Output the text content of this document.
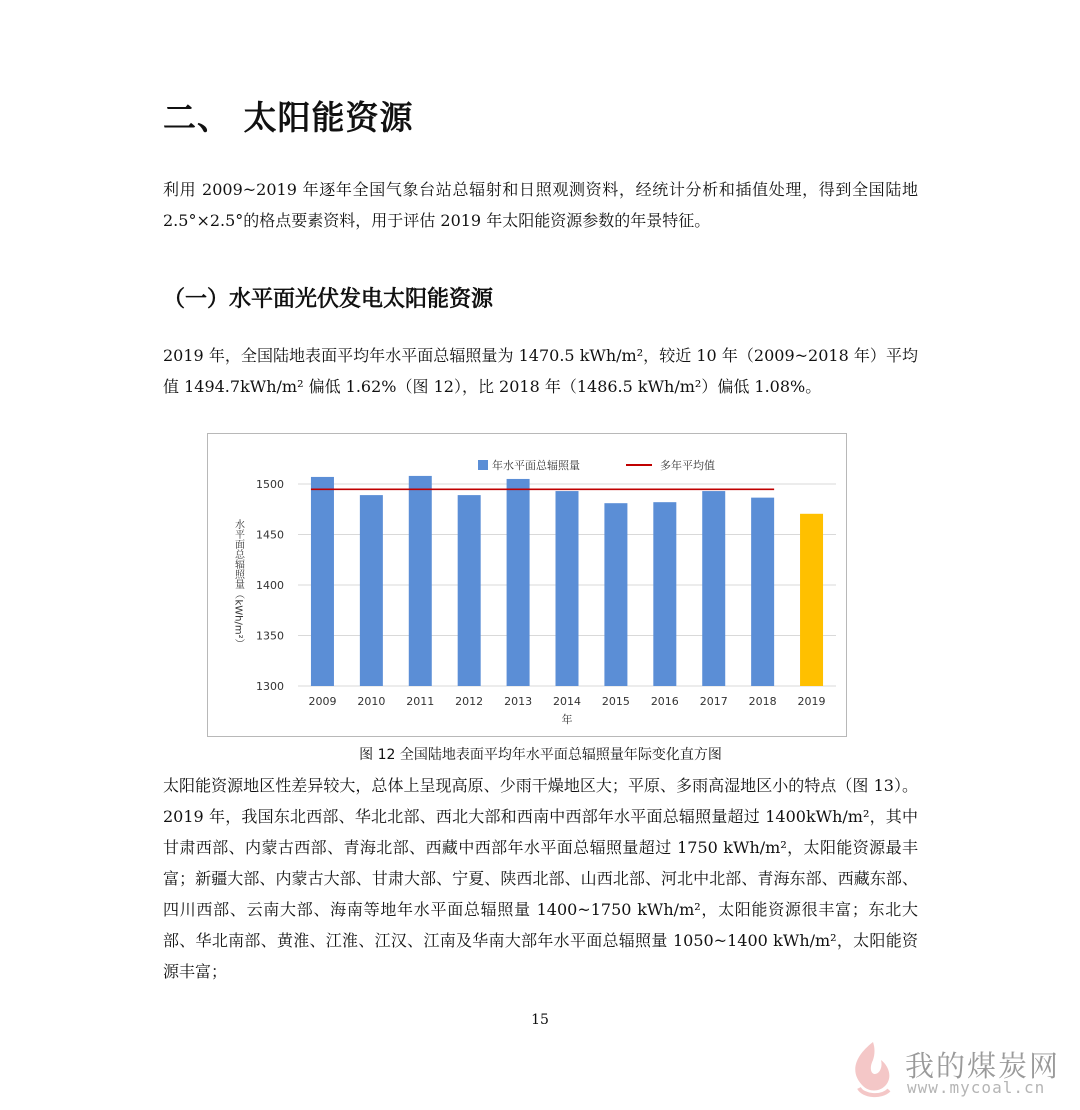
二、 太阳能资源

利用 2009~2019 年逐年全国气象台站总辐射和日照观测资料，经统计分析和插值处理，得到全国陆地 2.5°×2.5°的格点要素资料，用于评估 2019 年太阳能资源参数的年景特征。

（一）水平面光伏发电太阳能资源

2019 年，全国陆地表面平均年水平面总辐照量为 1470.5 kWh/m²，较近 10 年（2009~2018 年）平均值 1494.7kWh/m² 偏低 1.62%（图 12），比 2018 年（1486.5 kWh/m²）偏低 1.08%。

1300
1350
1400
1450
1500
2009 2010 2011 2012 2013 2014 2015 2016 2017 2018 2019
年
水平面总辐照量（kWh/m²）
年水平面总辐照量	多年平均值
图 12 全国陆地表面平均年水平面总辐照量年际变化直方图

太阳能资源地区性差异较大，总体上呈现高原、少雨干燥地区大；平原、多雨高湿地区小的特点（图 13）。2019 年，我国东北西部、华北北部、西北大部和西南中西部年水平面总辐照量超过 1400kWh/m²，其中甘肃西部、内蒙古西部、青海北部、西藏中西部年水平面总辐照量超过 1750 kWh/m²，太阳能资源最丰富；新疆大部、内蒙古大部、甘肃大部、宁夏、陕西北部、山西北部、河北中北部、青海东部、西藏东部、四川西部、云南大部、海南等地年水平面总辐照量 1400~1750 kWh/m²，太阳能资源很丰富；东北大部、华北南部、黄淮、江淮、江汉、江南及华南大部年水平面总辐照量 1050~1400 kWh/m²，太阳能资源丰富；

15
我的煤炭网
www.mycoal.cn
